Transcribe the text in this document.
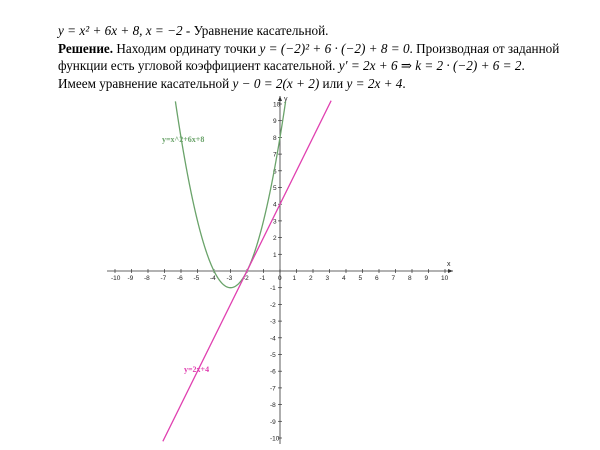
y = x² + 6x + 8, x = −2 - Уравнение касательной.
Решение. Находим ординату точки y = (−2)² + 6 · (−2) + 8 = 0. Производная от заданной
функции есть угловой коэффициент касательной. y′ = 2x + 6 ⇒ k = 2 · (−2) + 6 = 2.
Имеем уравнение касательной y − 0 = 2(x + 2) или y = 2x + 4.
x
y
-10 -9 -8 -7 -6 -5 -4 -3 -2 -1 0 1 2 3 4 5 6 7 8 9 10
10
9
8
7
6
5
4
3
2
1
-1
-2
-3
-4
-5
-6
-7
-8
-9
-10
y=x^2+6x+8
y=2x+4
